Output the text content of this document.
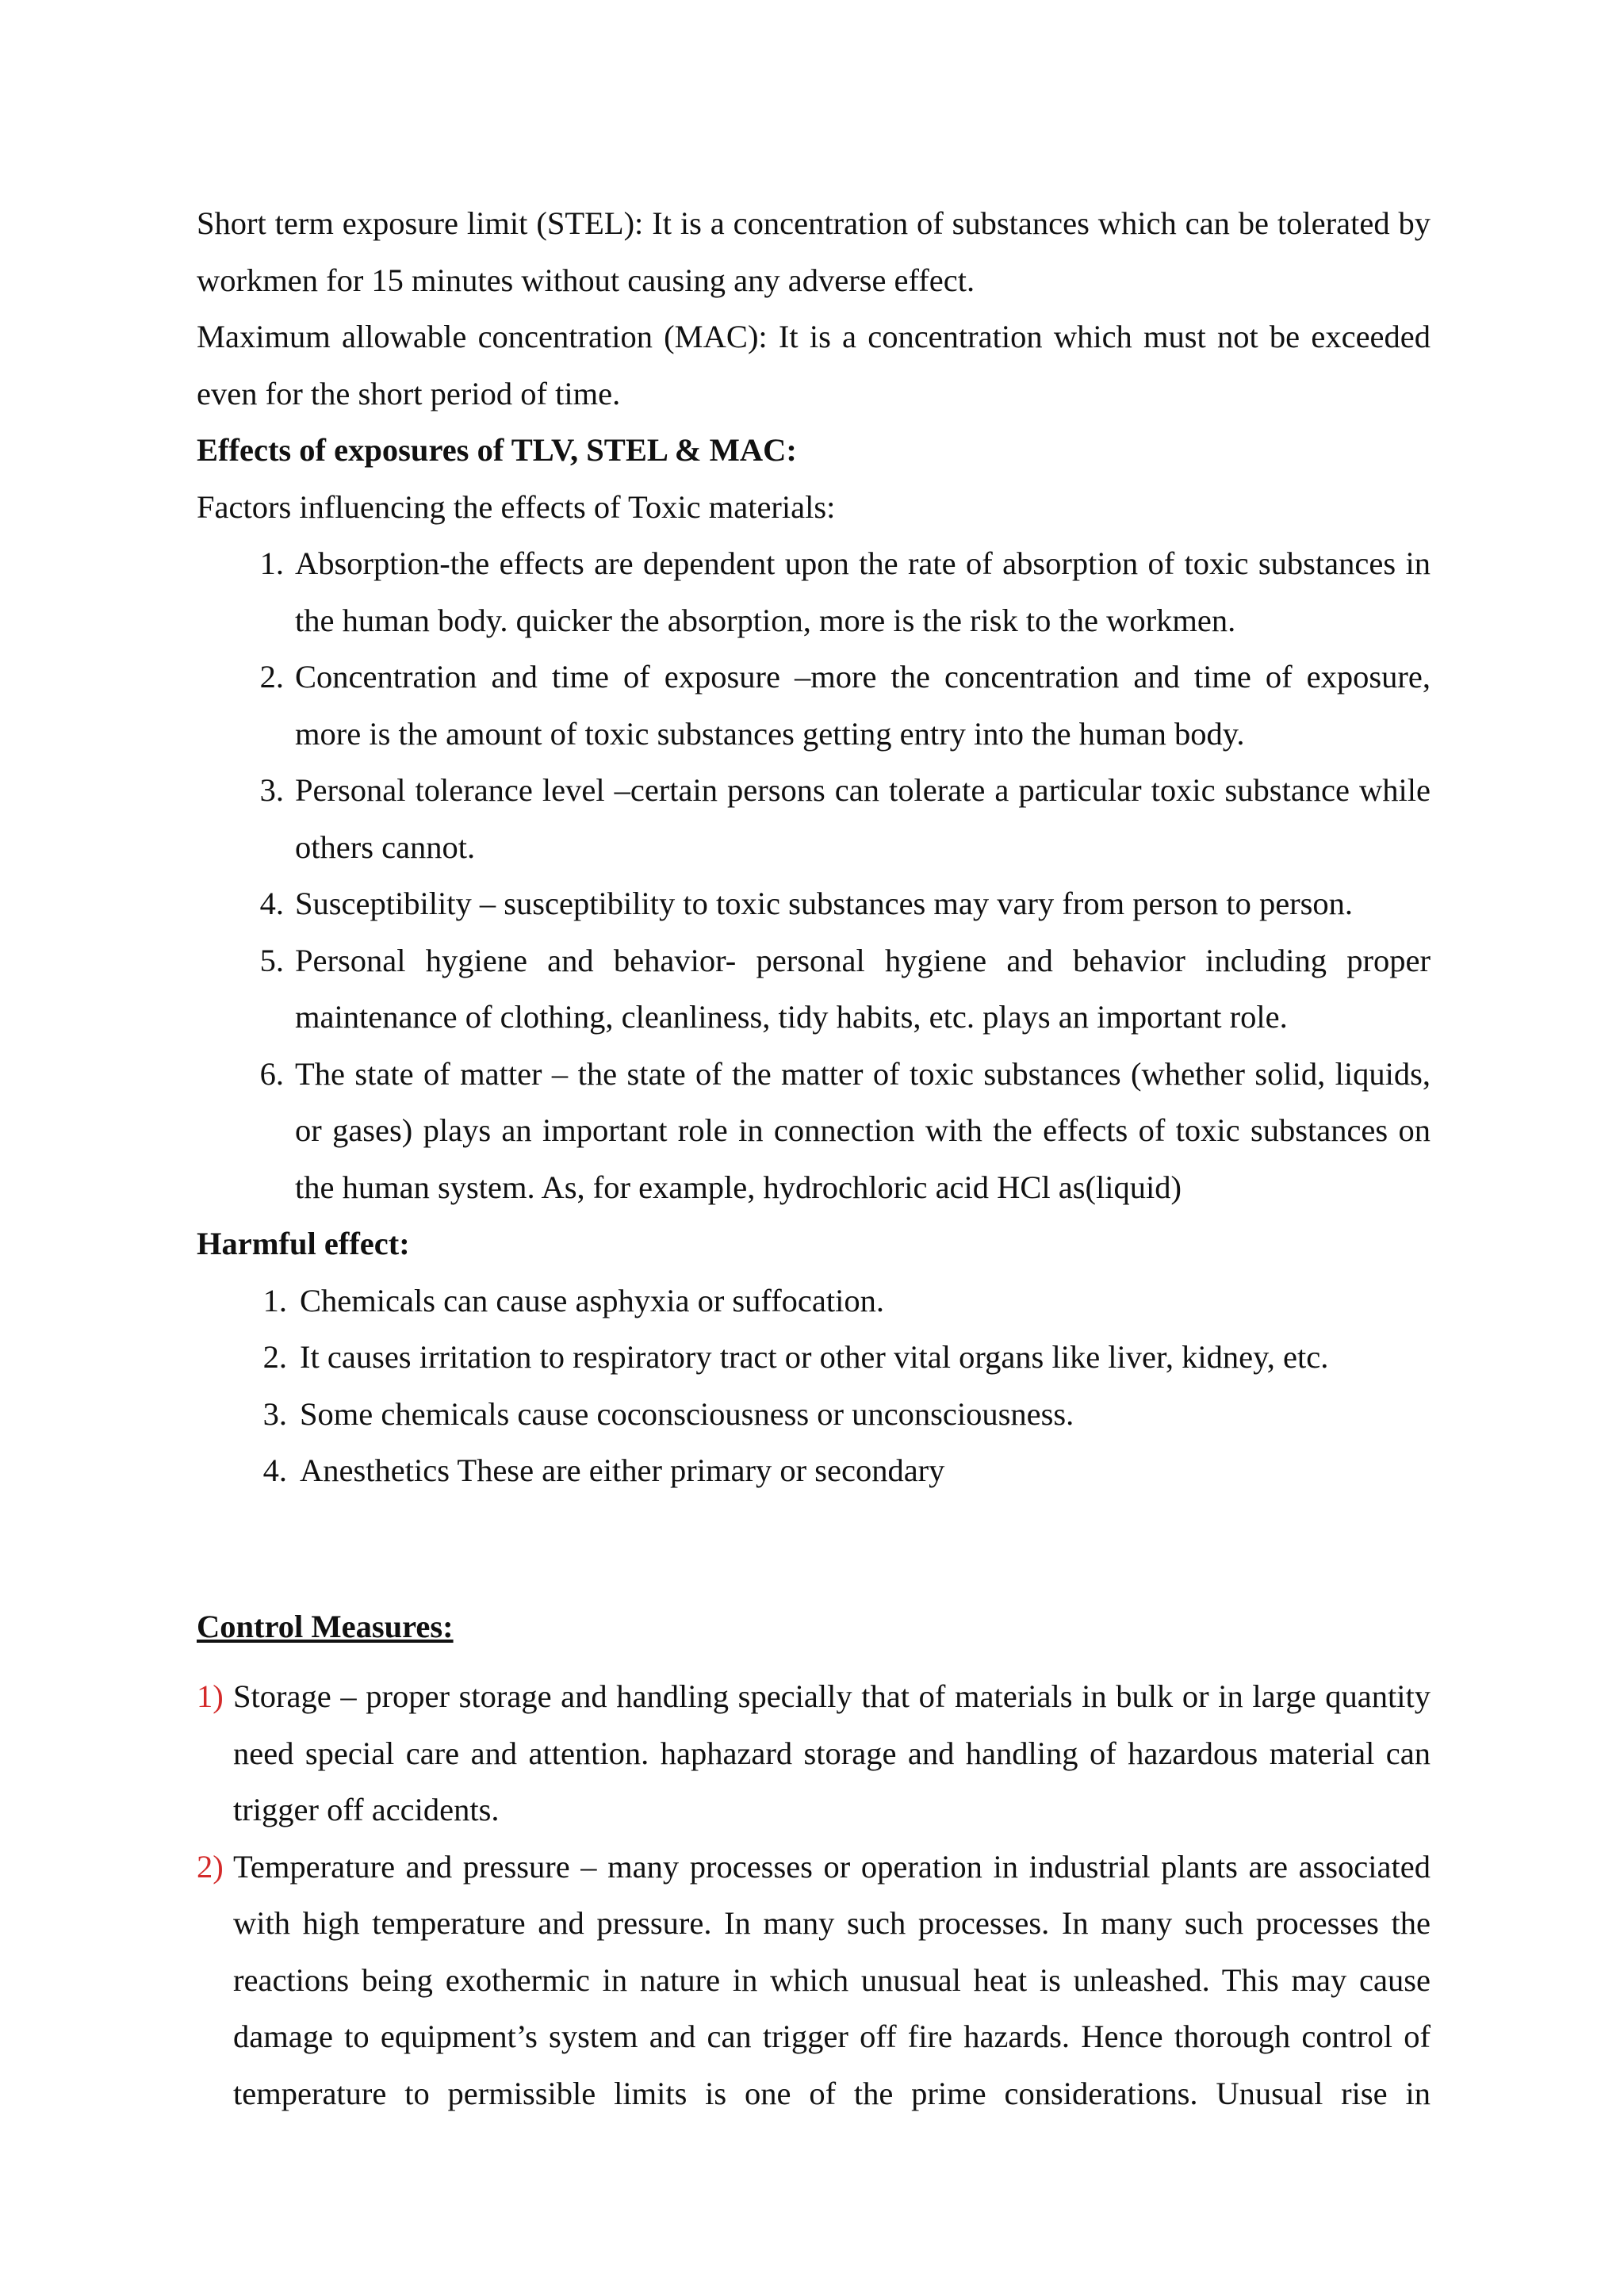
Short term exposure limit (STEL): It is a concentration of substances which can be tolerated by workmen for 15 minutes without causing any adverse effect.

Maximum allowable concentration (MAC): It is a concentration which must not be exceeded even for the short period of time.

Effects of exposures of TLV, STEL & MAC:

Factors influencing the effects of Toxic materials:

1. Absorption-the effects are dependent upon the rate of absorption of toxic substances in the human body. quicker the absorption, more is the risk to the workmen.
2. Concentration and time of exposure –more the concentration and time of exposure, more is the amount of toxic substances getting entry into the human body.
3. Personal tolerance level –certain persons can tolerate a particular toxic substance while others cannot.
4. Susceptibility – susceptibility to toxic substances may vary from person to person.
5. Personal hygiene and behavior- personal hygiene and behavior including proper maintenance of clothing, cleanliness, tidy habits, etc. plays an important role.
6. The state of matter – the state of the matter of toxic substances (whether solid, liquids, or gases) plays an important role in connection with the effects of toxic substances on the human system. As, for example, hydrochloric acid HCl as(liquid)

Harmful effect:

1. Chemicals can cause asphyxia or suffocation.
2. It causes irritation to respiratory tract or other vital organs like liver, kidney, etc.
3. Some chemicals cause coconsciousness or unconsciousness.
4. Anesthetics These are either primary or secondary

Control Measures:

1) Storage – proper storage and handling specially that of materials in bulk or in large quantity need special care and attention. haphazard storage and handling of hazardous material can trigger off accidents.
2) Temperature and pressure – many processes or operation in industrial plants are associated with high temperature and pressure. In many such processes. In many such processes the reactions being exothermic in nature in which unusual heat is unleashed. This may cause damage to equipment’s system and can trigger off fire hazards. Hence thorough control of temperature to permissible limits is one of the prime considerations. Unusual rise in
